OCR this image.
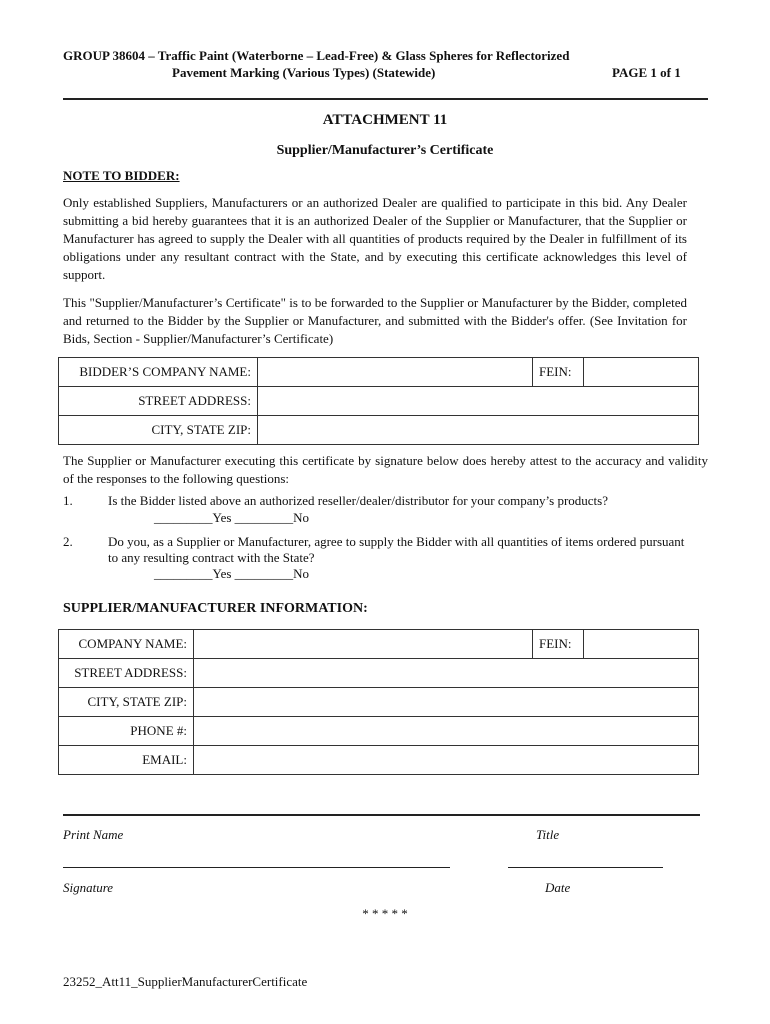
GROUP 38604 – Traffic Paint (Waterborne – Lead-Free) & Glass Spheres for Reflectorized
Pavement Marking (Various Types) (Statewide)	PAGE 1 of 1
ATTACHMENT 11
Supplier/Manufacturer’s Certificate
NOTE TO BIDDER:
Only established Suppliers, Manufacturers or an authorized Dealer are qualified to participate in this bid. Any Dealer submitting a bid hereby guarantees that it is an authorized Dealer of the Supplier or Manufacturer, that the Supplier or Manufacturer has agreed to supply the Dealer with all quantities of products required by the Dealer in fulfillment of its obligations under any resultant contract with the State, and by executing this certificate acknowledges this level of support.
This "Supplier/Manufacturer’s Certificate" is to be forwarded to the Supplier or Manufacturer by the Bidder, completed and returned to the Bidder by the Supplier or Manufacturer, and submitted with the Bidder's offer. (See Invitation for Bids, Section - Supplier/Manufacturer’s Certificate)
BIDDER’S COMPANY NAME:		FEIN:	
STREET ADDRESS:			
CITY, STATE ZIP:			
The Supplier or Manufacturer executing this certificate by signature below does hereby attest to the accuracy and validity of the responses to the following questions:
1.	Is the Bidder listed above an authorized reseller/dealer/distributor for your company’s products?
_________Yes _________No
2.	Do you, as a Supplier or Manufacturer, agree to supply the Bidder with all quantities of items ordered pursuant to any resulting contract with the State?
_________Yes _________No
SUPPLIER/MANUFACTURER INFORMATION:
COMPANY NAME:		FEIN:	
STREET ADDRESS:			
CITY, STATE ZIP:			
PHONE #:			
EMAIL:			
Print Name	Title
Signature	Date
* * * * *
23252_Att11_SupplierManufacturerCertificate
